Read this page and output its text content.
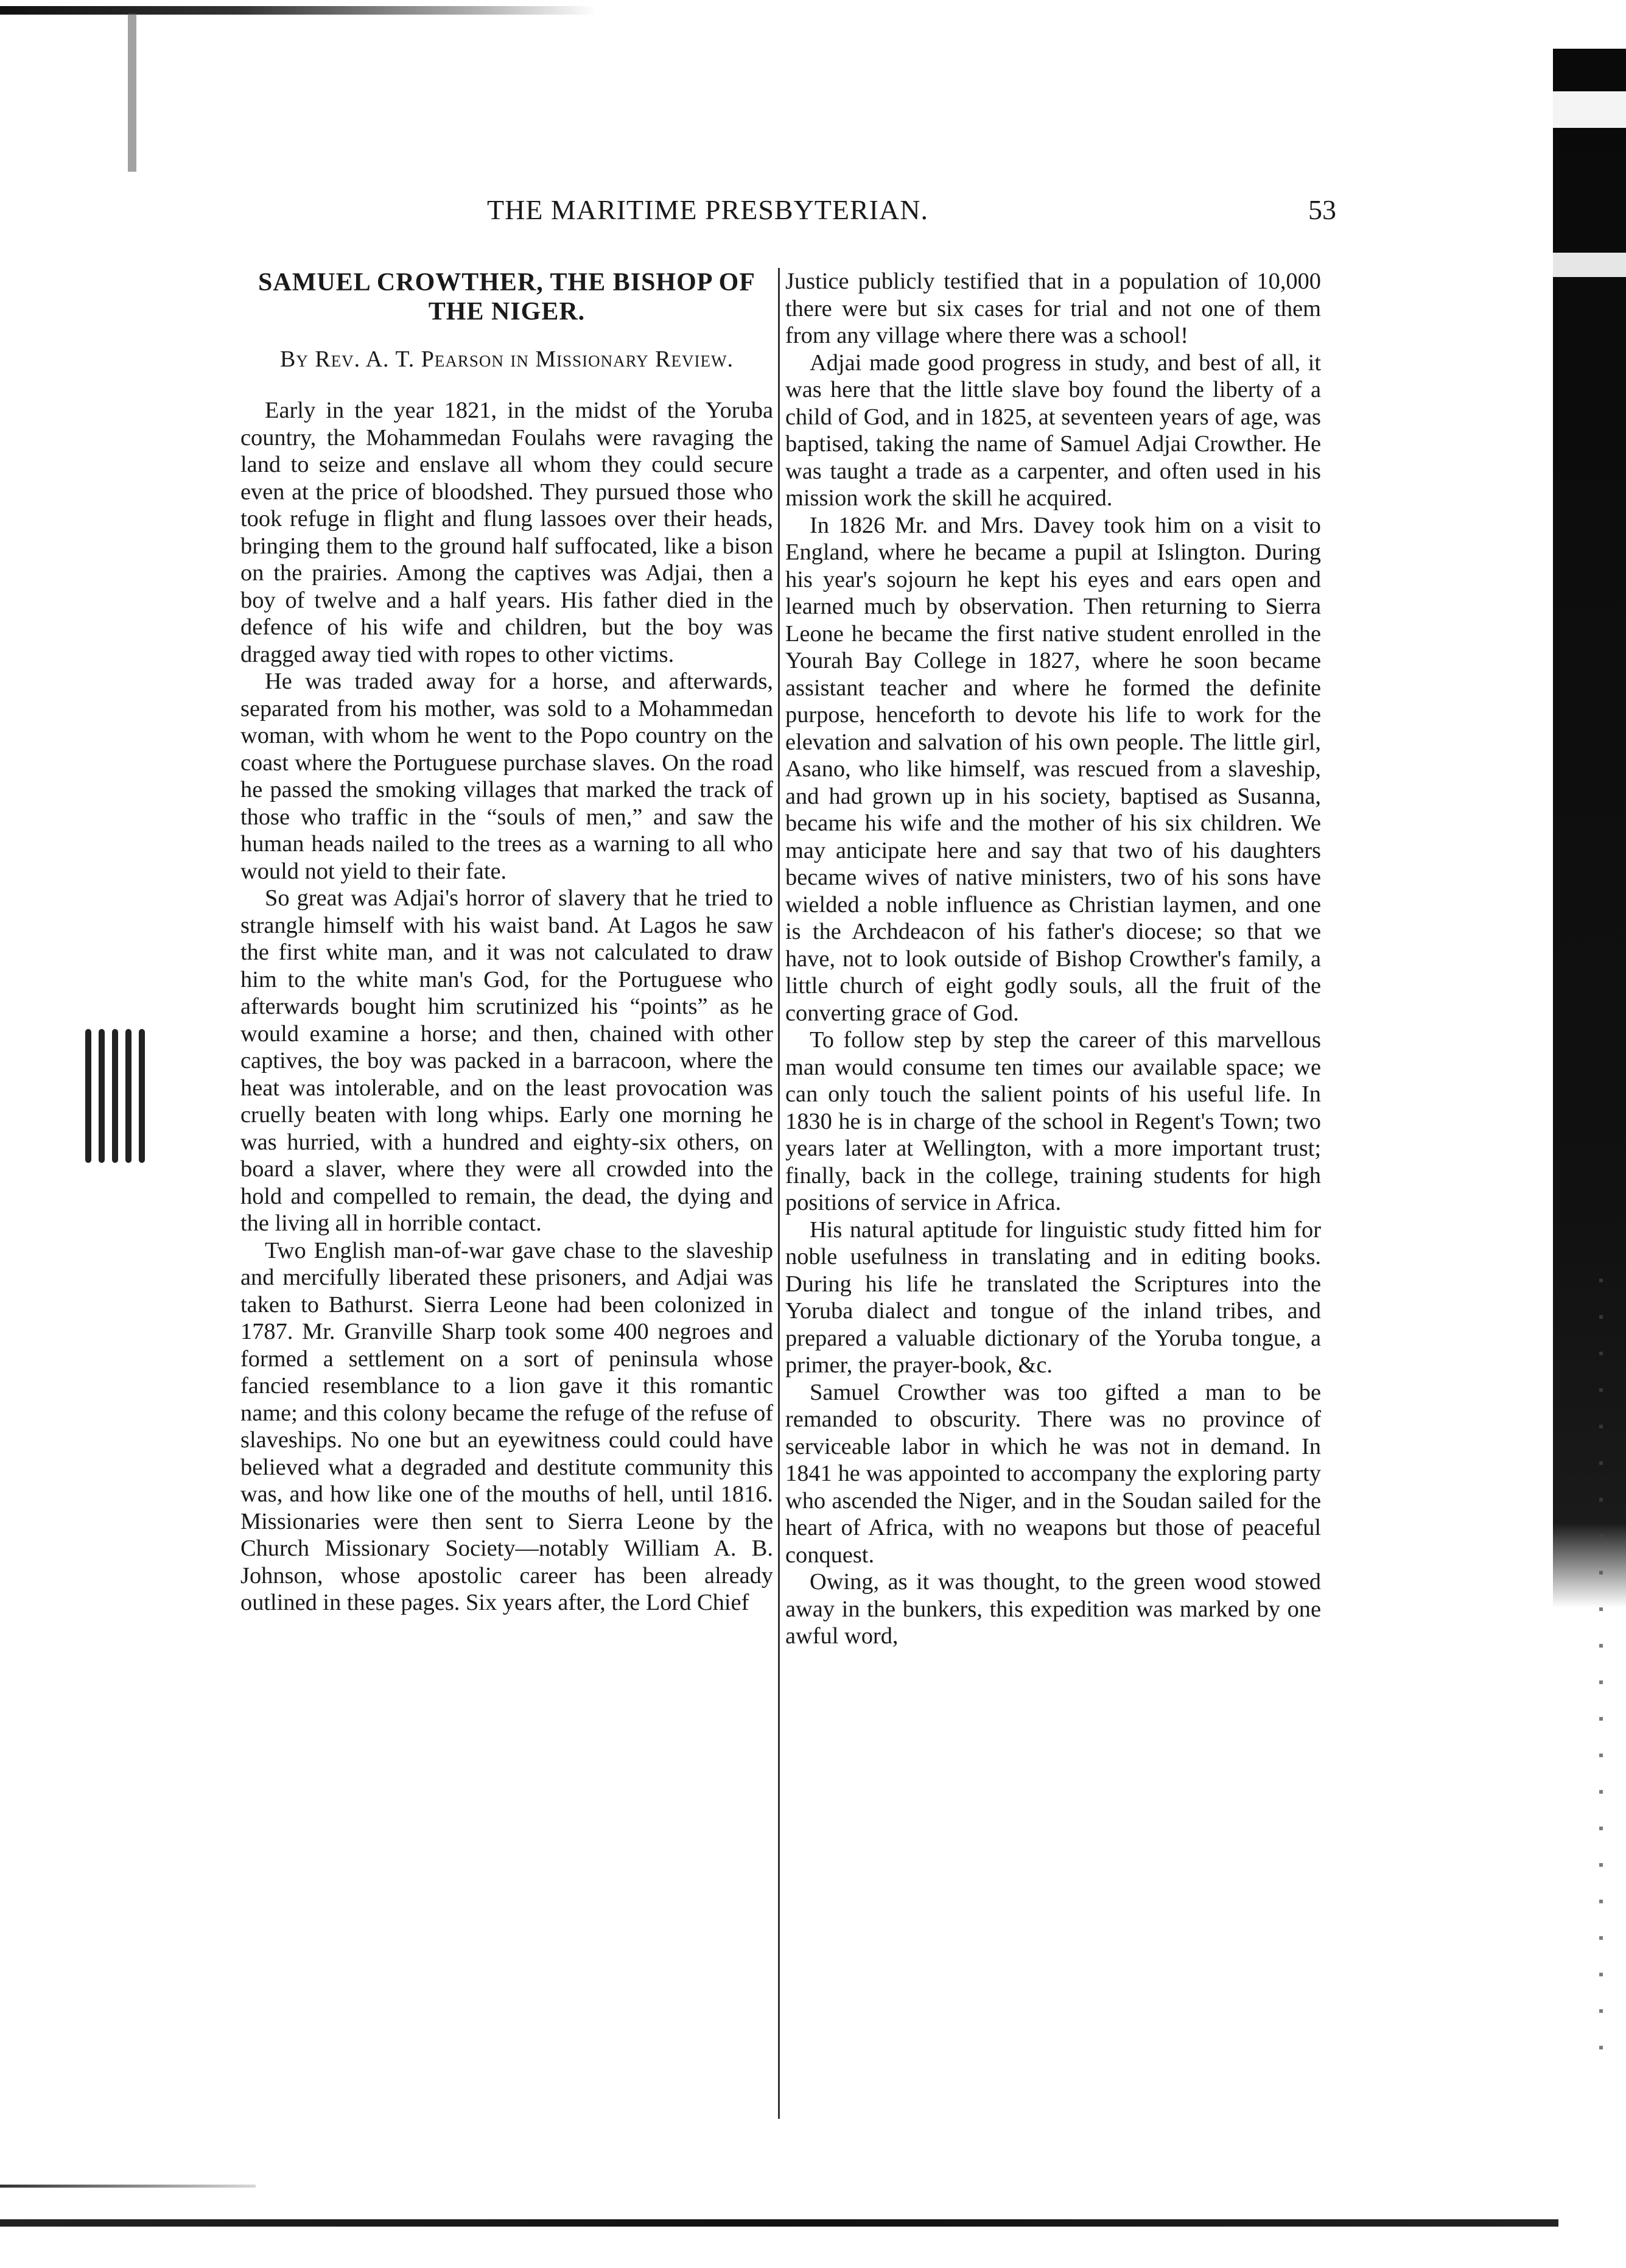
THE MARITIME PRESBYTERIAN.	53
SAMUEL CROWTHER, THE BISHOP OF THE NIGER.
By Rev. A. T. Pearson in Missionary Review.

Early in the year 1821, in the midst of the Yoruba country, the Mohammedan Foulahs were ravaging the land to seize and enslave all whom they could secure even at the price of bloodshed. They pursued those who took refuge in flight and flung lassoes over their heads, bringing them to the ground half suffocated, like a bison on the prairies. Among the captives was Adjai, then a boy of twelve and a half years. His father died in the defence of his wife and children, but the boy was dragged away tied with ropes to other victims.

He was traded away for a horse, and afterwards, separated from his mother, was sold to a Mohammedan woman, with whom he went to the Popo country on the coast where the Portuguese purchase slaves. On the road he passed the smoking villages that marked the track of those who traffic in the “souls of men,” and saw the human heads nailed to the trees as a warning to all who would not yield to their fate.

So great was Adjai's horror of slavery that he tried to strangle himself with his waist band. At Lagos he saw the first white man, and it was not calculated to draw him to the white man's God, for the Portuguese who afterwards bought him scrutinized his “points” as he would examine a horse; and then, chained with other captives, the boy was packed in a barracoon, where the heat was intolerable, and on the least provocation was cruelly beaten with long whips. Early one morning he was hurried, with a hundred and eighty-six others, on board a slaver, where they were all crowded into the hold and compelled to remain, the dead, the dying and the living all in horrible contact.

Two English man-of-war gave chase to the slaveship and mercifully liberated these prisoners, and Adjai was taken to Bathurst. Sierra Leone had been colonized in 1787. Mr. Granville Sharp took some 400 negroes and formed a settlement on a sort of peninsula whose fancied resemblance to a lion gave it this romantic name; and this colony became the refuge of the refuse of slaveships. No one but an eyewitness could could have believed what a degraded and destitute community this was, and how like one of the mouths of hell, until 1816. Missionaries were then sent to Sierra Leone by the Church Missionary Society—notably William A. B. Johnson, whose apostolic career has been already outlined in these pages. Six years after, the Lord Chief

Justice publicly testified that in a population of 10,000 there were but six cases for trial and not one of them from any village where there was a school!

Adjai made good progress in study, and best of all, it was here that the little slave boy found the liberty of a child of God, and in 1825, at seventeen years of age, was baptised, taking the name of Samuel Adjai Crowther. He was taught a trade as a carpenter, and often used in his mission work the skill he acquired.

In 1826 Mr. and Mrs. Davey took him on a visit to England, where he became a pupil at Islington. During his year's sojourn he kept his eyes and ears open and learned much by observation. Then returning to Sierra Leone he became the first native student enrolled in the Yourah Bay College in 1827, where he soon became assistant teacher and where he formed the definite purpose, henceforth to devote his life to work for the elevation and salvation of his own people. The little girl, Asano, who like himself, was rescued from a slaveship, and had grown up in his society, baptised as Susanna, became his wife and the mother of his six children. We may anticipate here and say that two of his daughters became wives of native ministers, two of his sons have wielded a noble influence as Christian laymen, and one is the Archdeacon of his father's diocese; so that we have, not to look outside of Bishop Crowther's family, a little church of eight godly souls, all the fruit of the converting grace of God.

To follow step by step the career of this marvellous man would consume ten times our available space; we can only touch the salient points of his useful life. In 1830 he is in charge of the school in Regent's Town; two years later at Wellington, with a more important trust; finally, back in the college, training students for high positions of service in Africa.

His natural aptitude for linguistic study fitted him for noble usefulness in translating and in editing books. During his life he translated the Scriptures into the Yoruba dialect and tongue of the inland tribes, and prepared a valuable dictionary of the Yoruba tongue, a primer, the prayer-book, &c.

Samuel Crowther was too gifted a man to be remanded to obscurity. There was no province of serviceable labor in which he was not in demand. In 1841 he was appointed to accompany the exploring party who ascended the Niger, and in the Soudan sailed for the heart of Africa, with no weapons but those of peaceful conquest.

Owing, as it was thought, to the green wood stowed away in the bunkers, this expedition was marked by one awful word,
